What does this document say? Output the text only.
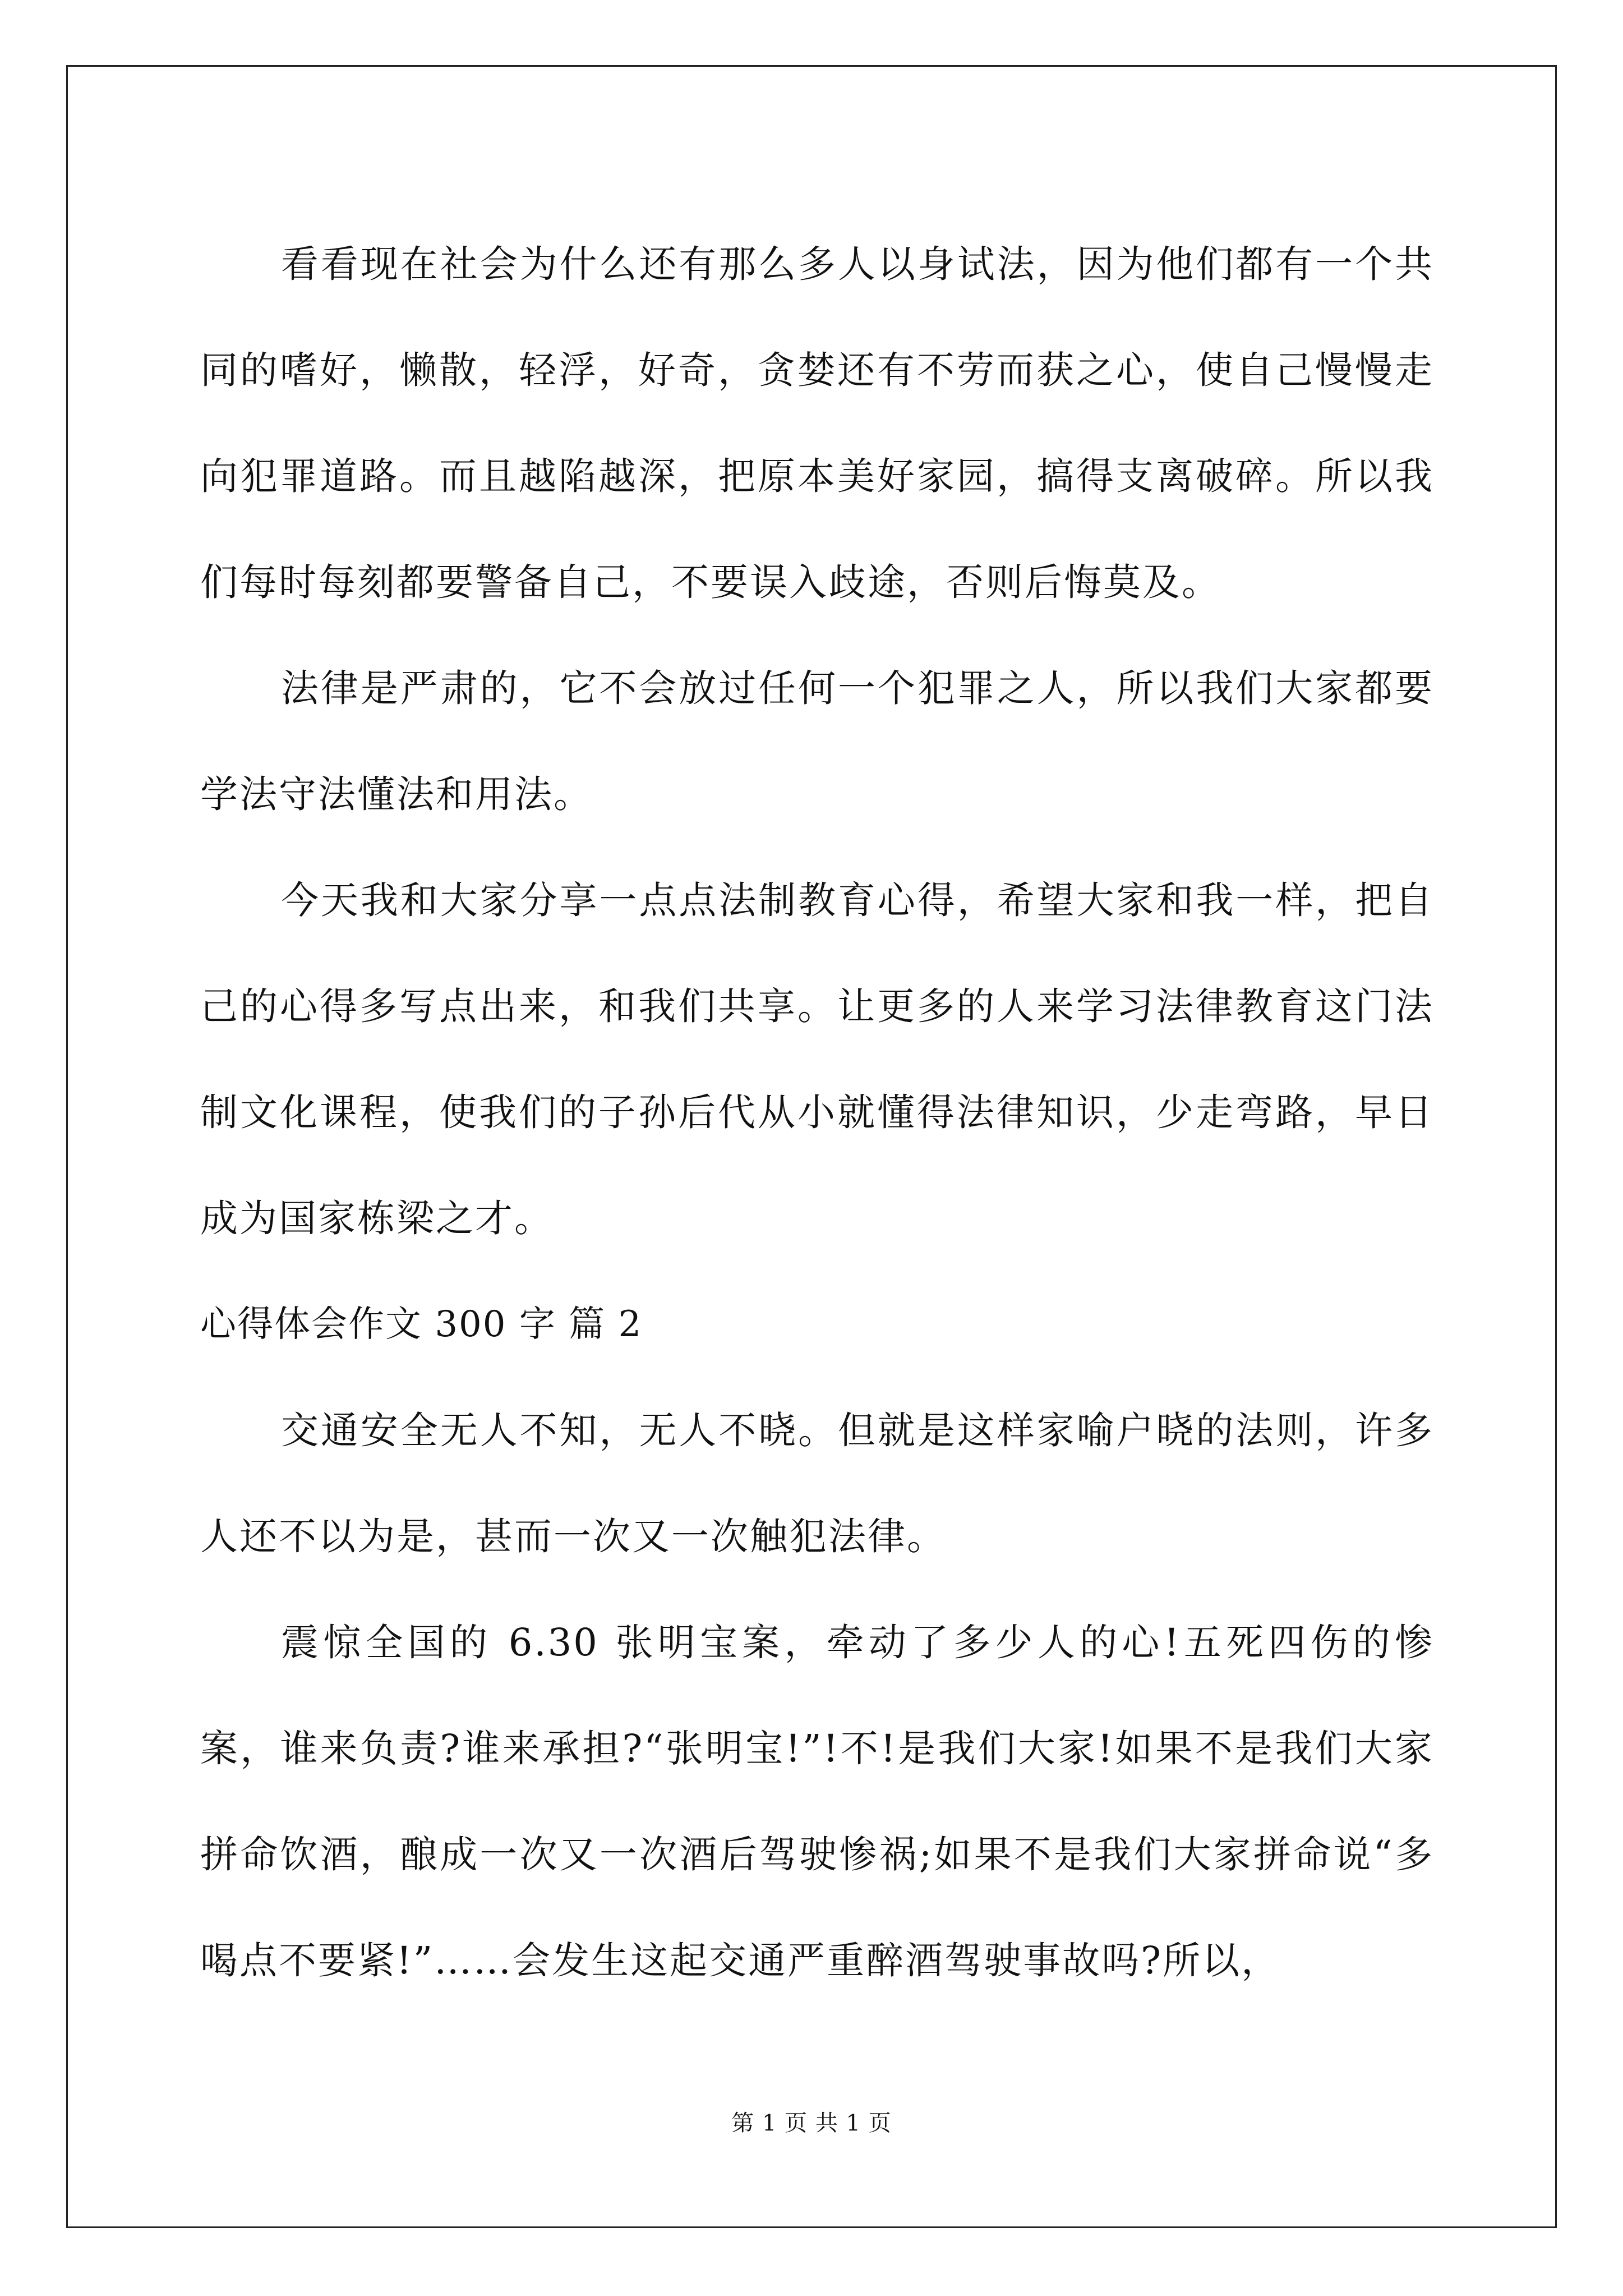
看看现在社会为什么还有那么多人以身试法，因为他们都有一个共同的嗜好，懒散，轻浮，好奇，贪婪还有不劳而获之心，使自己慢慢走向犯罪道路。而且越陷越深，把原本美好家园，搞得支离破碎。所以我们每时每刻都要警备自己，不要误入歧途，否则后悔莫及。

法律是严肃的，它不会放过任何一个犯罪之人，所以我们大家都要学法守法懂法和用法。

今天我和大家分享一点点法制教育心得，希望大家和我一样，把自己的心得多写点出来，和我们共享。让更多的人来学习法律教育这门法制文化课程，使我们的子孙后代从小就懂得法律知识，少走弯路，早日成为国家栋梁之才。

心得体会作文 300 字 篇 2

交通安全无人不知，无人不晓。但就是这样家喻户晓的法则，许多人还不以为是，甚而一次又一次触犯法律。

震惊全国的 6.30 张明宝案，牵动了多少人的心!五死四伤的惨案，谁来负责?谁来承担?“张明宝!”!不!是我们大家!如果不是我们大家拼命饮酒，酿成一次又一次酒后驾驶惨祸;如果不是我们大家拼命说“多喝点不要紧!”……会发生这起交通严重醉酒驾驶事故吗?所以，

第 1 页 共 1 页
